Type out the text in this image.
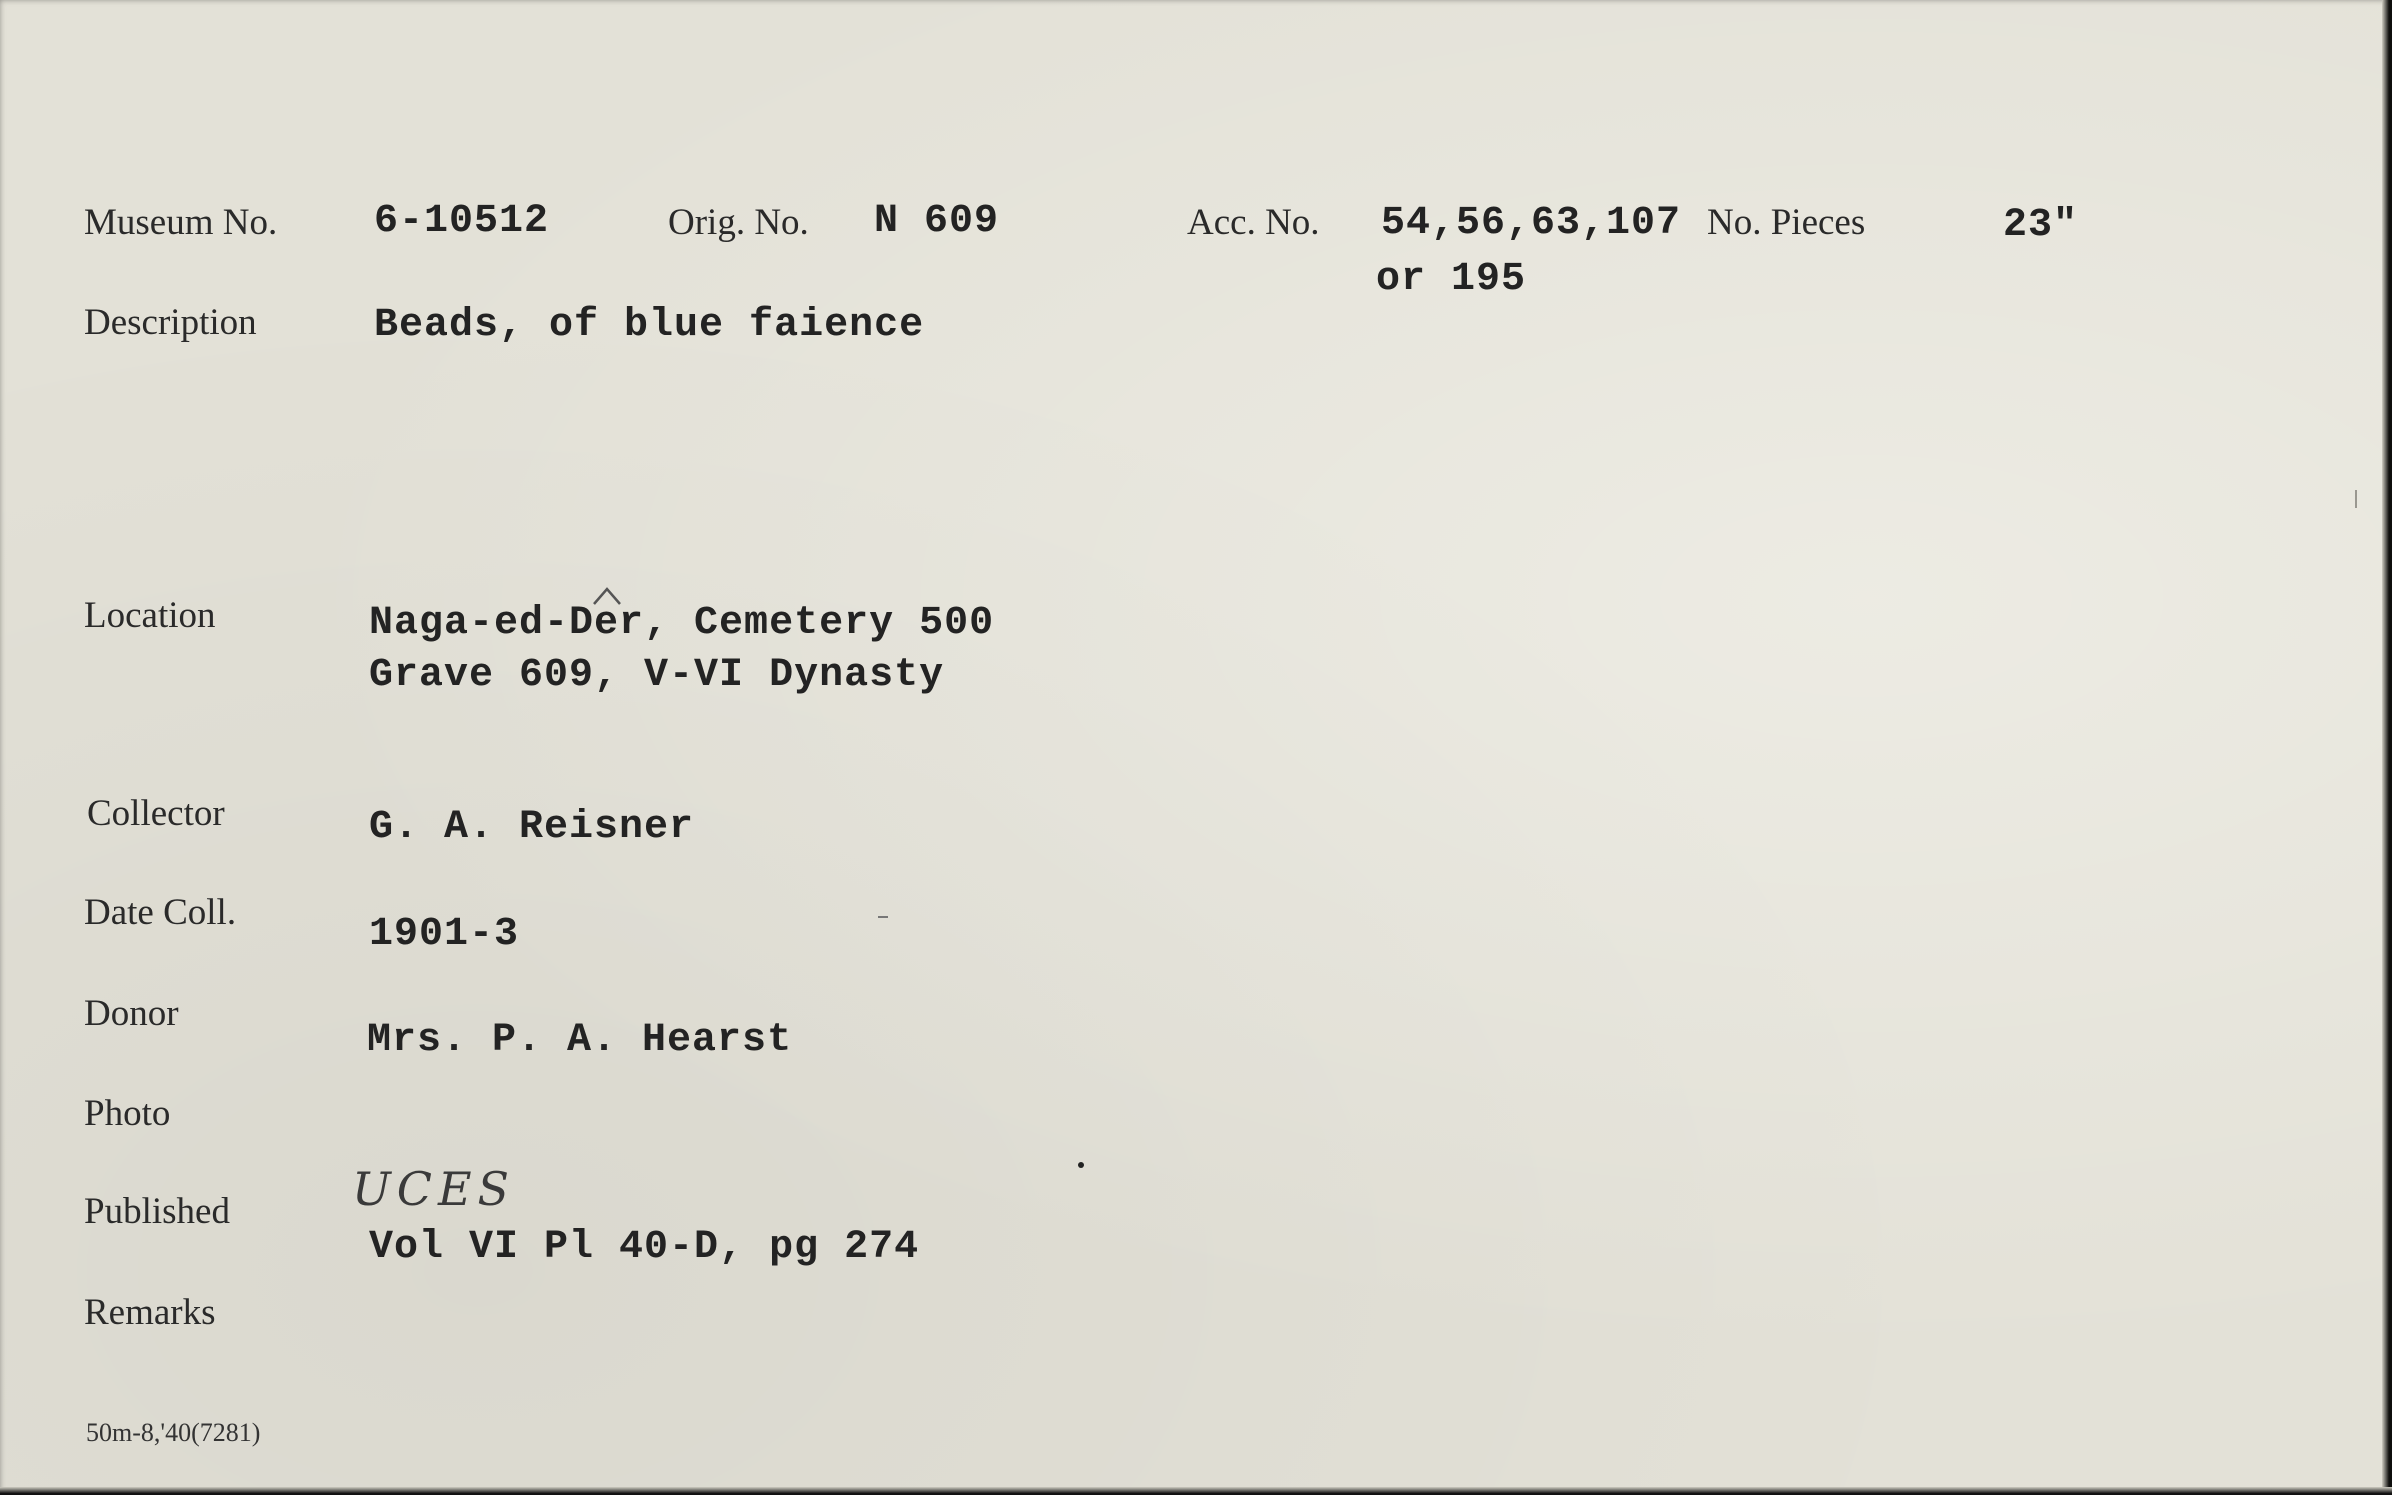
Museum No. 6-10512	Orig. No. N 609	Acc. No. 54,56,63,107
or 195
No. Pieces	23"
Description	Beads, of blue faience
Location	Naga-ed-Der, Cemetery 500
Grave 609, V-VI Dynasty
Collector	G. A. Reisner
Date Coll.	1901-3
Donor
Mrs. P. A. Hearst
Photo
Published	UCES
Vol VI Pl 40-D, pg 274
Remarks
50m-8,'40(7281)
